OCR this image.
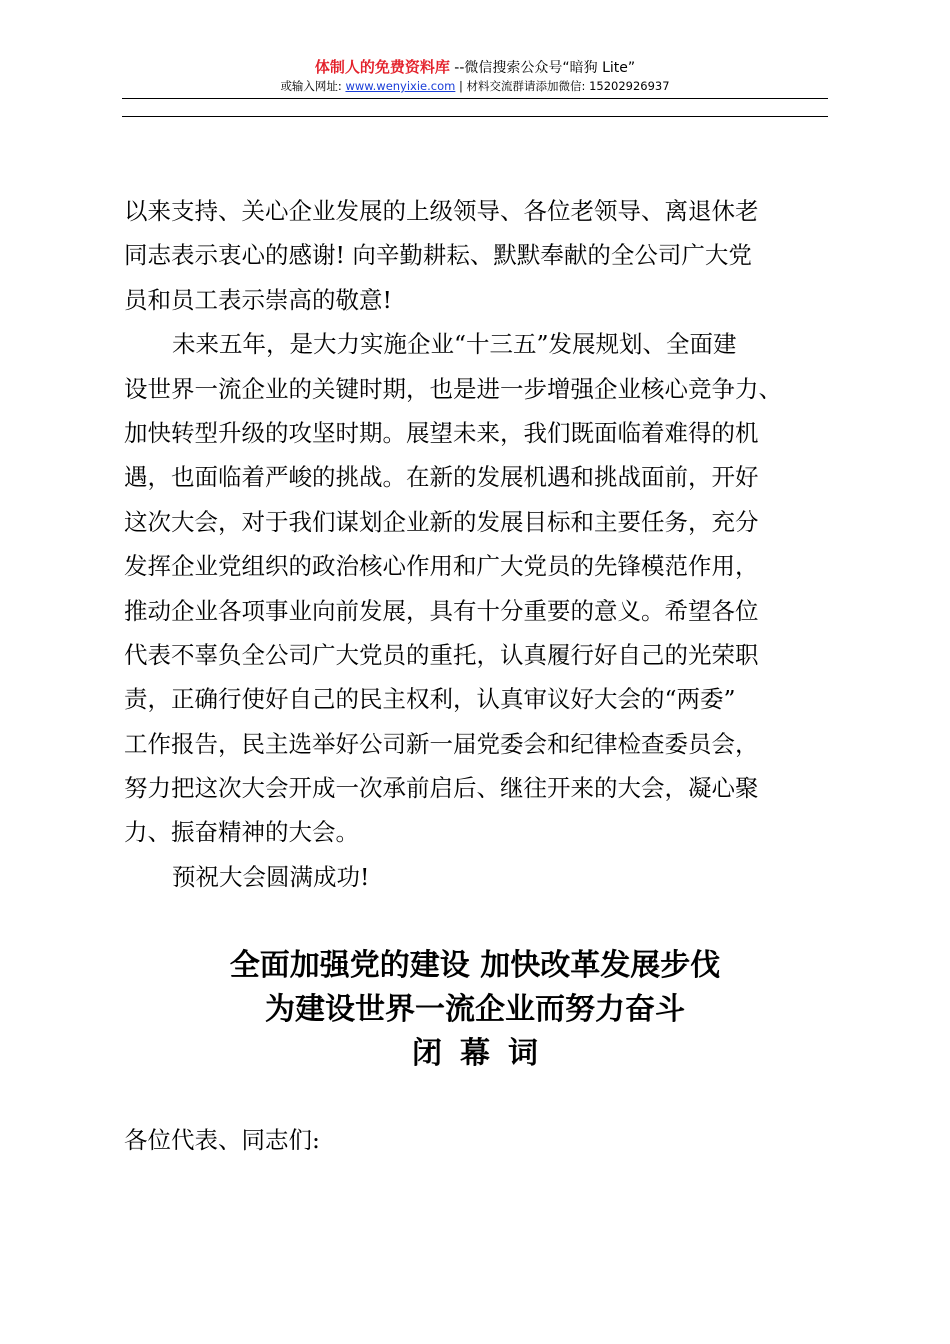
体制人的免费资料库 --微信搜索公众号“暗狗 Lite”
或输入网址: www.wenyixie.com | 材料交流群请添加微信: 15202926937
以来支持、关心企业发展的上级领导、各位老领导、离退休老
同志表示衷心的感谢! 向辛勤耕耘、默默奉献的全公司广大党
员和员工表示崇高的敬意!
未来五年，是大力实施企业“十三五”发展规划、全面建
设世界一流企业的关键时期，也是进一步增强企业核心竞争力、
加快转型升级的攻坚时期。展望未来，我们既面临着难得的机
遇，也面临着严峻的挑战。在新的发展机遇和挑战面前，开好
这次大会，对于我们谋划企业新的发展目标和主要任务，充分
发挥企业党组织的政治核心作用和广大党员的先锋模范作用，
推动企业各项事业向前发展，具有十分重要的意义。希望各位
代表不辜负全公司广大党员的重托，认真履行好自己的光荣职
责，正确行使好自己的民主权利，认真审议好大会的“两委”
工作报告，民主选举好公司新一届党委会和纪律检查委员会，
努力把这次大会开成一次承前启后、继往开来的大会，凝心聚
力、振奋精神的大会。
预祝大会圆满成功!
全面加强党的建设 加快改革发展步伐
为建设世界一流企业而努力奋斗
闭幕词
各位代表、同志们:
